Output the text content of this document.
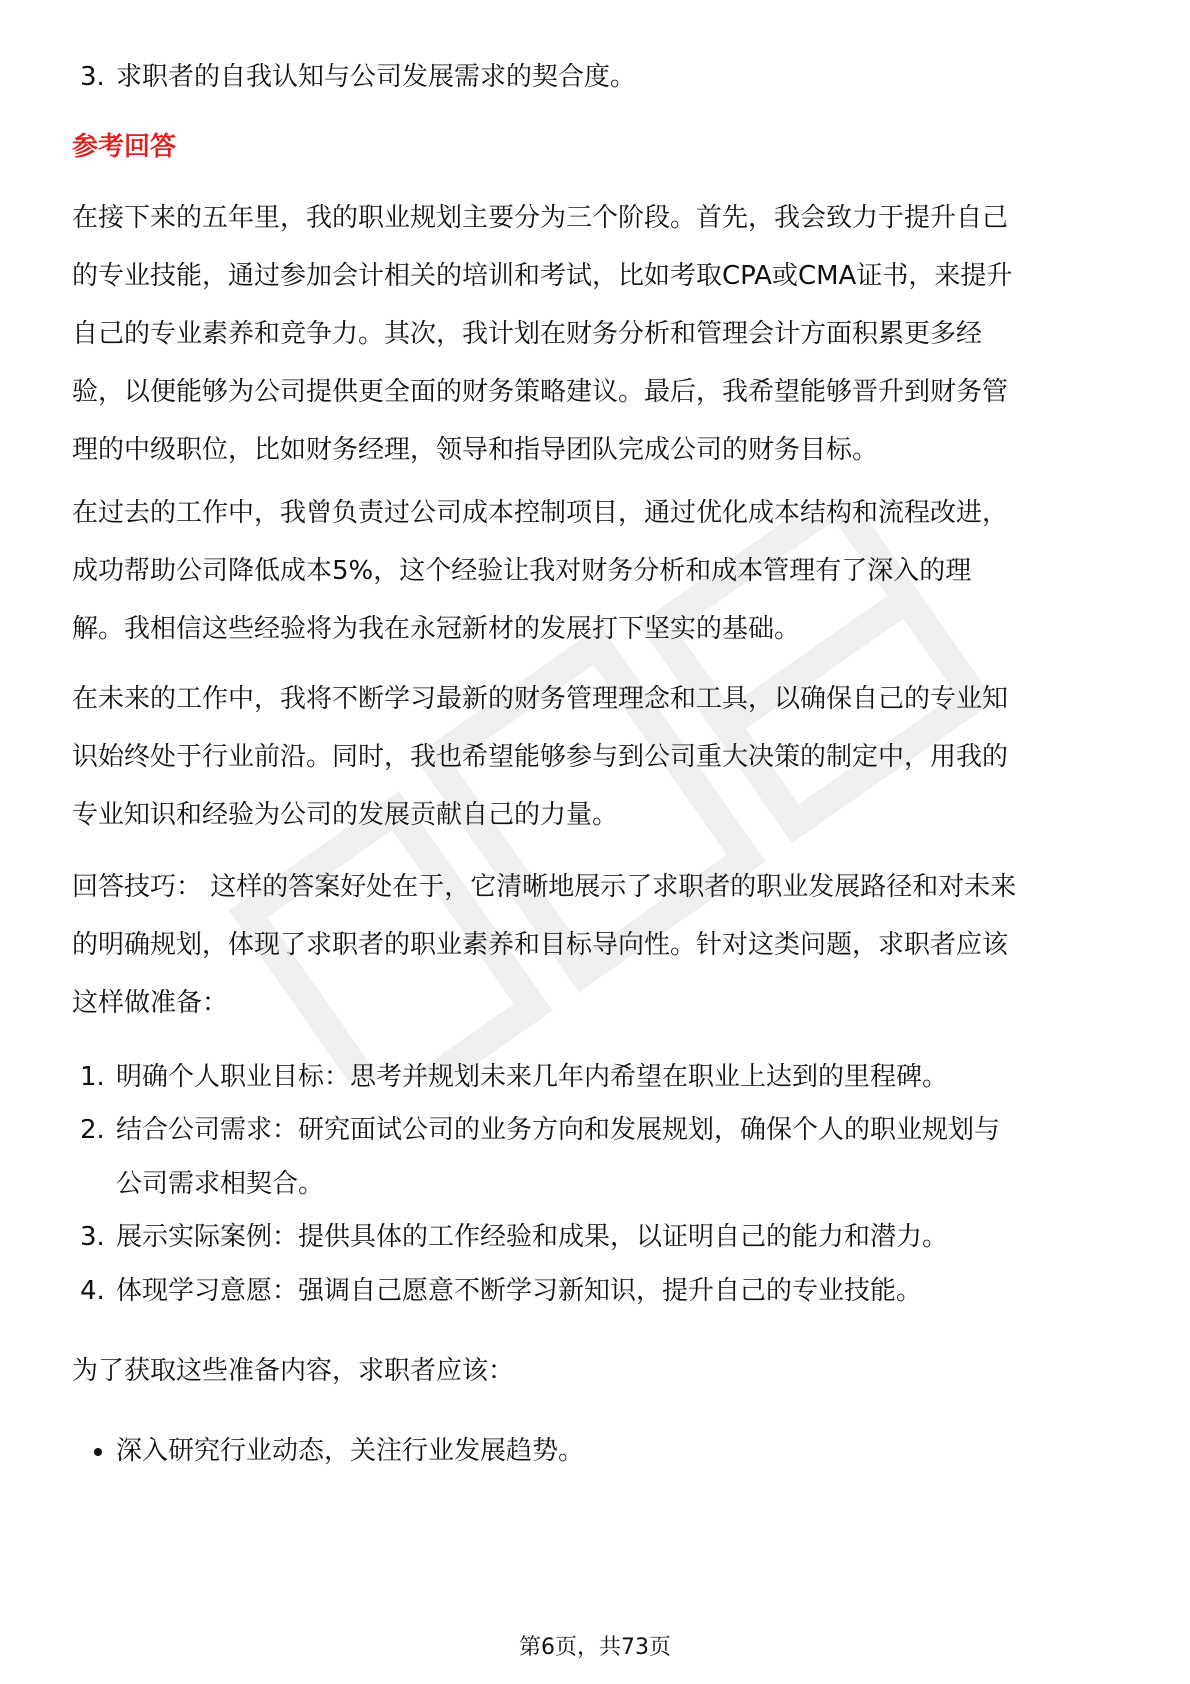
3. 求职者的自我认知与公司发展需求的契合度。
参考回答

在接下来的五年里，我的职业规划主要分为三个阶段。首先，我会致力于提升自己

的专业技能，通过参加会计相关的培训和考试，比如考取CPA或CMA证书，来提升

自己的专业素养和竞争力。其次，我计划在财务分析和管理会计方面积累更多经

验，以便能够为公司提供更全面的财务策略建议。最后，我希望能够晋升到财务管

理的中级职位，比如财务经理，领导和指导团队完成公司的财务目标。

在过去的工作中，我曾负责过公司成本控制项目，通过优化成本结构和流程改进，

成功帮助公司降低成本5%，这个经验让我对财务分析和成本管理有了深入的理

解。我相信这些经验将为我在永冠新材的发展打下坚实的基础。

在未来的工作中，我将不断学习最新的财务管理理念和工具，以确保自己的专业知

识始终处于行业前沿。同时，我也希望能够参与到公司重大决策的制定中，用我的

专业知识和经验为公司的发展贡献自己的力量。

回答技巧： 这样的答案好处在于，它清晰地展示了求职者的职业发展路径和对未来

的明确规划，体现了求职者的职业素养和目标导向性。针对这类问题，求职者应该

这样做准备：

1. 明确个人职业目标：思考并规划未来几年内希望在职业上达到的里程碑。
2. 结合公司需求：研究面试公司的业务方向和发展规划，确保个人的职业规划与
公司需求相契合。
3. 展示实际案例：提供具体的工作经验和成果，以证明自己的能力和潜力。
4. 体现学习意愿：强调自己愿意不断学习新知识，提升自己的专业技能。
为了获取这些准备内容，求职者应该：
深入研究行业动态，关注行业发展趋势。
第6页，共73页
